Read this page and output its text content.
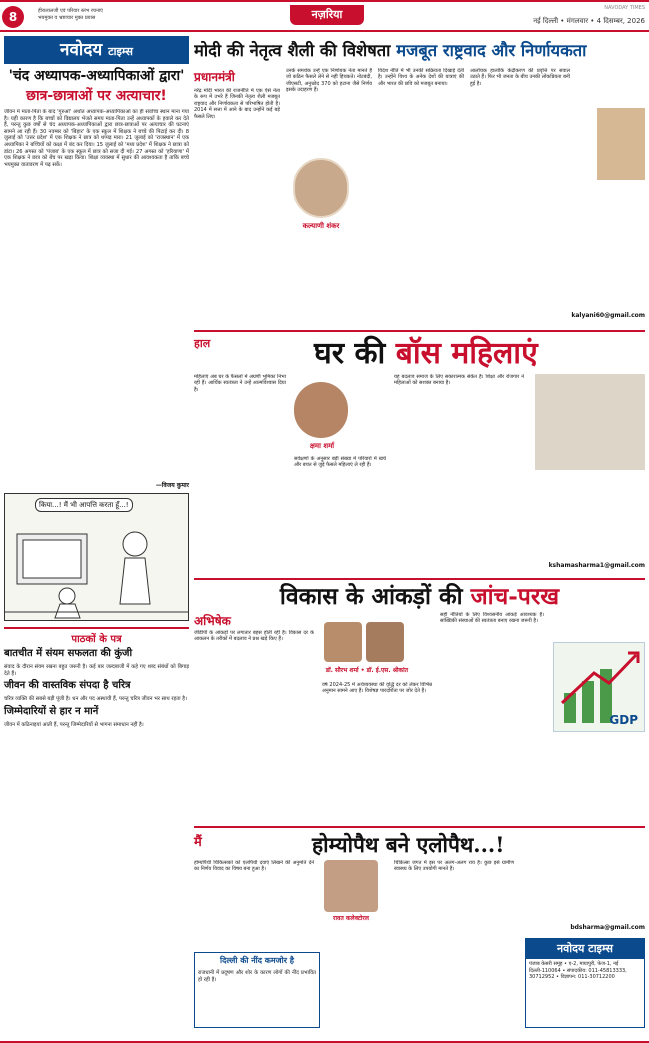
8	हीरालालजी एवं परिवार स्तंभ रचनाएं
भयमुक्त व भ्रष्टाचार मुक्त प्रयास	नज़रिया	NAVODAY TIMES
नई दिल्ली • मंगलवार • 4 दिसम्बर, 2026
नवोदय टाइम्स
'चंद अध्यापक-अध्यापिकाओं द्वारा'
छात्र-छात्राओं पर अत्याचार!
जीवन में माता-पिता के बाद 'गुरुओं' अर्थात अध्यापक-अध्यापिकाओं का ही सर्वोच्च स्थान माना गया है। यही कारण है कि बच्चों को विद्यालय भेजते समय माता-पिता उन्हें अध्यापकों के हवाले कर देते हैं, परन्तु कुछ वर्षों से चंद अध्यापक-अध्यापिकाओं द्वारा छात्र-छात्राओं पर अत्याचार की घटनाएं सामने आ रही हैं। 30 नवम्बर को 'बिहार' के एक स्कूल में शिक्षक ने बच्चे की पिटाई कर दी। 8 जुलाई को 'उत्तर प्रदेश' में एक शिक्षक ने छात्र को थप्पड़ मारा। 21 जुलाई को 'राजस्थान' में एक अध्यापिका ने बच्चियों को कक्षा में बंद कर दिया। 15 जुलाई को 'मध्य प्रदेश' में शिक्षक ने छात्रा को डांटा। 26 अगस्त को 'पंजाब' के एक स्कूल में छात्र को सजा दी गई। 27 अगस्त को 'हरियाणा' में एक शिक्षक ने छात्र को बेंच पर खड़ा किया। शिक्षा व्यवस्था में सुधार की आवश्यकता है ताकि बच्चे भयमुक्त वातावरण में पढ़ सकें।
—विजय कुमार
किया...! मैं भी आपत्ति करता हूँ...!
पाठकों के पत्र
बातचीत में संयम सफलता की कुंजी
संवाद के दौरान संयम रखना बहुत जरूरी है। कई बार जल्दबाजी में कहे गए शब्द संबंधों को बिगाड़ देते हैं।
जीवन की वास्तविक संपदा है चरित्र
चरित्र व्यक्ति की सबसे बड़ी पूंजी है। धन और पद अस्थायी हैं, परन्तु चरित्र जीवन भर साथ रहता है।
जिम्मेदारियों से हार न मानें
जीवन में कठिनाइयां आती हैं, परन्तु जिम्मेदारियों से भागना समाधान नहीं है।
मोदी की नेतृत्व शैली की विशेषता मजबूत राष्ट्रवाद और निर्णायकता
प्रधानमंत्री
नरेंद्र मोदी भारत की राजनीति में एक ऐसे नेता के रूप में उभरे हैं जिनकी नेतृत्व शैली मजबूत राष्ट्रवाद और निर्णायकता से परिभाषित होती है। 2014 में सत्ता में आने के बाद उन्होंने कई बड़े फैसले लिए।
उनके समर्थक उन्हें एक निर्णायक नेता मानते हैं जो कठिन फैसले लेने से नहीं हिचकते। नोटबंदी, जीएसटी, अनुच्छेद 370 को हटाना जैसे निर्णय इसके उदाहरण हैं।
कल्याणी शंकर
विदेश नीति में भी उनकी सक्रियता दिखाई देती है। उन्होंने विश्व के अनेक देशों की यात्राएं कीं और भारत की छवि को मजबूत बनाया।
आलोचक हालांकि केंद्रीकरण की प्रवृत्ति पर सवाल उठाते हैं। फिर भी जनता के बीच उनकी लोकप्रियता बनी हुई है।
kalyani60@gmail.com
हाल	घर की बॉस महिलाएं
महिलाएं अब घर के फैसलों में अग्रणी भूमिका निभा रही हैं। आर्थिक स्वतंत्रता ने उन्हें आत्मविश्वास दिया है।
क्षमा शर्मा
सर्वेक्षणों के अनुसार बड़ी संख्या में परिवारों में खर्च और बचत से जुड़े फैसले महिलाएं ले रही हैं।
यह बदलाव समाज के लिए सकारात्मक संकेत है। शिक्षा और रोजगार ने महिलाओं को सशक्त बनाया है।
kshamasharma1@gmail.com
विकास के आंकड़ों की जांच-परख
अभिषेक
जीडीपी के आंकड़ों पर लगातार बहस होती रही है। विकास दर के आकलन के तरीकों में बदलाव ने प्रश्न खड़े किए हैं।
डॉ. सौरभ शर्मा • डॉ. ई.एस. श्रीकांत
वर्ष 2024-25 में अर्थव्यवस्था की वृद्धि दर को लेकर विभिन्न अनुमान सामने आए हैं। विशेषज्ञ पारदर्शिता पर जोर देते हैं।
सही नीतियों के लिए विश्वसनीय आंकड़े आवश्यक हैं। सांख्यिकी संस्थाओं की स्वतंत्रता बनाए रखना जरूरी है।
GDP
मैं	होम्योपैथ बने एलोपैथ...!
होम्योपैथी चिकित्सकों को एलोपैथी दवाएं लिखने की अनुमति देने का निर्णय विवाद का विषय बना हुआ है।
रावत कलेक्टोरल
चिकित्सा जगत में इस पर अलग-अलग राय है। कुछ इसे ग्रामीण स्वास्थ्य के लिए उपयोगी मानते हैं।
दिल्ली की नींद कमजोर है
राजधानी में प्रदूषण और शोर के कारण लोगों की नींद प्रभावित हो रही है।
नवोदय टाइम्स
पंजाब केसरी समूह • ए-2, मायापुरी, फेज-1, नई दिल्ली-110064 • संपादकीय: 011-45813333, 30712952 • विज्ञापन: 011-30712200
bdsharma@gmail.com
